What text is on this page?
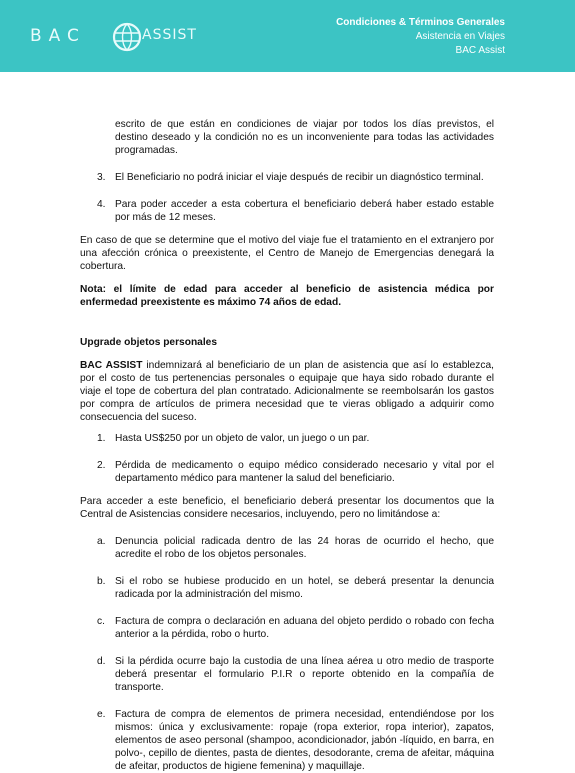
BAC	ASSIST
Condiciones & Términos Generales
Asistencia en Viajes
BAC Assist

escrito de que están en condiciones de viajar por todos los días previstos, el destino deseado y la condición no es un inconveniente para todas las actividades programadas.

3. El Beneficiario no podrá iniciar el viaje después de recibir un diagnóstico terminal.
4. Para poder acceder a esta cobertura el beneficiario deberá haber estado estable por más de 12 meses.

En caso de que se determine que el motivo del viaje fue el tratamiento en el extranjero por una afección crónica o preexistente, el Centro de Manejo de Emergencias denegará la cobertura.

Nota: el límite de edad para acceder al beneficio de asistencia médica por enfermedad preexistente es máximo 74 años de edad.

Upgrade objetos personales

BAC ASSIST indemnizará al beneficiario de un plan de asistencia que así lo establezca, por el costo de tus pertenencias personales o equipaje que haya sido robado durante el viaje el tope de cobertura del plan contratado. Adicionalmente se reembolsarán los gastos por compra de artículos de primera necesidad que te vieras obligado a adquirir como consecuencia del suceso.

1. Hasta US$250 por un objeto de valor, un juego o un par.
2. Pérdida de medicamento o equipo médico considerado necesario y vital por el departamento médico para mantener la salud del beneficiario.

Para acceder a este beneficio, el beneficiario deberá presentar los documentos que la Central de Asistencias considere necesarios, incluyendo, pero no limitándose a:

a. Denuncia policial radicada dentro de las 24 horas de ocurrido el hecho, que acredite el robo de los objetos personales.
b. Si el robo se hubiese producido en un hotel, se deberá presentar la denuncia radicada por la administración del mismo.
c. Factura de compra o declaración en aduana del objeto perdido o robado con fecha anterior a la pérdida, robo o hurto.
d. Si la pérdida ocurre bajo la custodia de una línea aérea u otro medio de trasporte deberá presentar el formulario P.I.R o reporte obtenido en la compañía de transporte.
e. Factura de compra de elementos de primera necesidad, entendiéndose por los mismos: única y exclusivamente: ropaje (ropa exterior, ropa interior), zapatos, elementos de aseo personal (shampoo, acondicionador, jabón -líquido, en barra, en polvo-, cepillo de dientes, pasta de dientes, desodorante, crema de afeitar, máquina de afeitar, productos de higiene femenina) y maquillaje.
